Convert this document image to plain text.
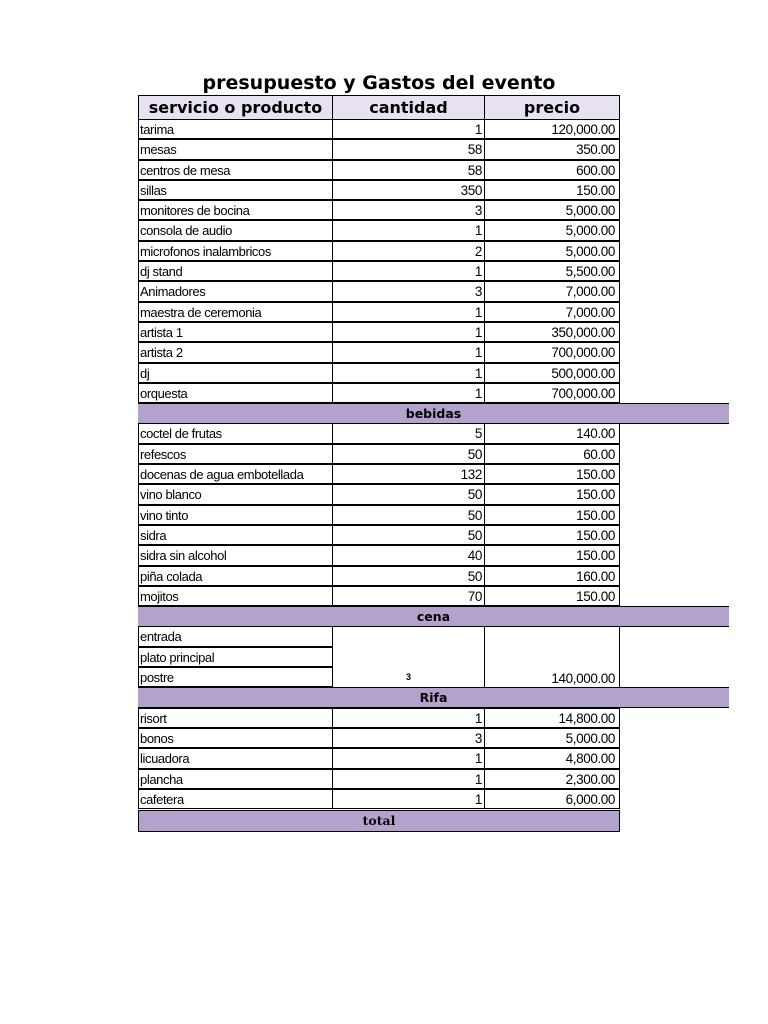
presupuesto y Gastos del evento
servicio o producto	cantidad	precio
tarima	1	120,000.00
mesas	58	350.00
centros de mesa	58	600.00
sillas	350	150.00
monitores de bocina	3	5,000.00
consola de audio	1	5,000.00
microfonos inalambricos	2	5,000.00
dj stand	1	5,500.00
Animadores	3	7,000.00
maestra de ceremonia	1	7,000.00
artista 1	1	350,000.00
artista 2	1	700,000.00
dj	1	500,000.00
orquesta	1	700,000.00
bebidas
coctel de frutas	5	140.00
refescos	50	60.00
docenas de agua embotellada	132	150.00
vino blanco	50	150.00
vino tinto	50	150.00
sidra	50	150.00
sidra sin alcohol	40	150.00
piña colada	50	160.00
mojitos	70	150.00
cena
entrada
plato principal
postre	3	140,000.00
Rifa
risort	1	14,800.00
bonos	3	5,000.00
licuadora	1	4,800.00
plancha	1	2,300.00
cafetera	1	6,000.00
total
